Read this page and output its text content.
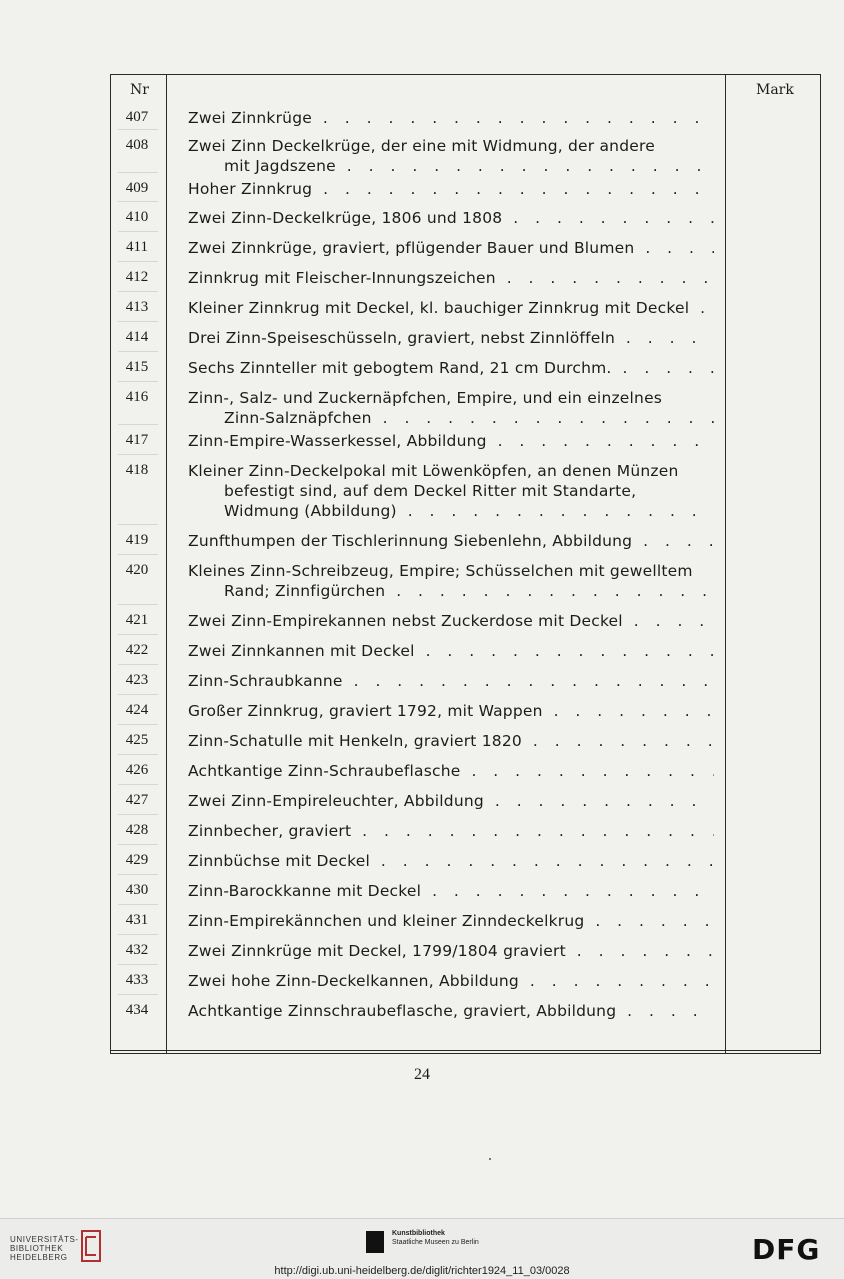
Nr	Mark
407	Zwei Zinnkrüge . . .
408	Zwei Zinn Deckelkrüge, der eine mit Widmung, der andere
mit Jagdszene . . .
409	Hoher Zinnkrug . . .
410	Zwei Zinn-Deckelkrüge, 1806 und 1808 . . .
411	Zwei Zinnkrüge, graviert, pflügender Bauer und Blumen . . .
412	Zinnkrug mit Fleischer-Innungszeichen . . .
413	Kleiner Zinnkrug mit Deckel, kl. bauchiger Zinnkrug mit Deckel . . .
414	Drei Zinn-Speiseschüsseln, graviert, nebst Zinnlöffeln . . .
415	Sechs Zinnteller mit gebogtem Rand, 21 cm Durchm. . . .
416	Zinn-, Salz- und Zuckernäpfchen, Empire, und ein einzelnes
Zinn-Salznäpfchen . . .
417	Zinn-Empire-Wasserkessel, Abbildung . . .
418	Kleiner Zinn-Deckelpokal mit Löwenköpfen, an denen Münzen
befestigt sind, auf dem Deckel Ritter mit Standarte,
Widmung (Abbildung) . . .
419	Zunfthumpen der Tischlerinnung Siebenlehn, Abbildung . . .
420	Kleines Zinn-Schreibzeug, Empire; Schüsselchen mit gewelltem
Rand; Zinnfigürchen . . .
421	Zwei Zinn-Empirekannen nebst Zuckerdose mit Deckel . . .
422	Zwei Zinnkannen mit Deckel . . .
423	Zinn-Schraubkanne . . .
424	Großer Zinnkrug, graviert 1792, mit Wappen . . .
425	Zinn-Schatulle mit Henkeln, graviert 1820 . . .
426	Achtkantige Zinn-Schraubeflasche . . .
427	Zwei Zinn-Empireleuchter, Abbildung . . .
428	Zinnbecher, graviert . . .
429	Zinnbüchse mit Deckel . . .
430	Zinn-Barockkanne mit Deckel . . .
431	Zinn-Empirekännchen und kleiner Zinndeckelkrug . . .
432	Zwei Zinnkrüge mit Deckel, 1799/1804 graviert . . .
433	Zwei hohe Zinn-Deckelkannen, Abbildung . . .
434	Achtkantige Zinnschraubeflasche, graviert, Abbildung . . .
24
UNIVERSITÄTS-
BIBLIOTHEK
HEIDELBERG
Kunstbibliothek
Staatliche Museen zu Berlin	DFG
http://digi.ub.uni-heidelberg.de/diglit/richter1924_11_03/0028
